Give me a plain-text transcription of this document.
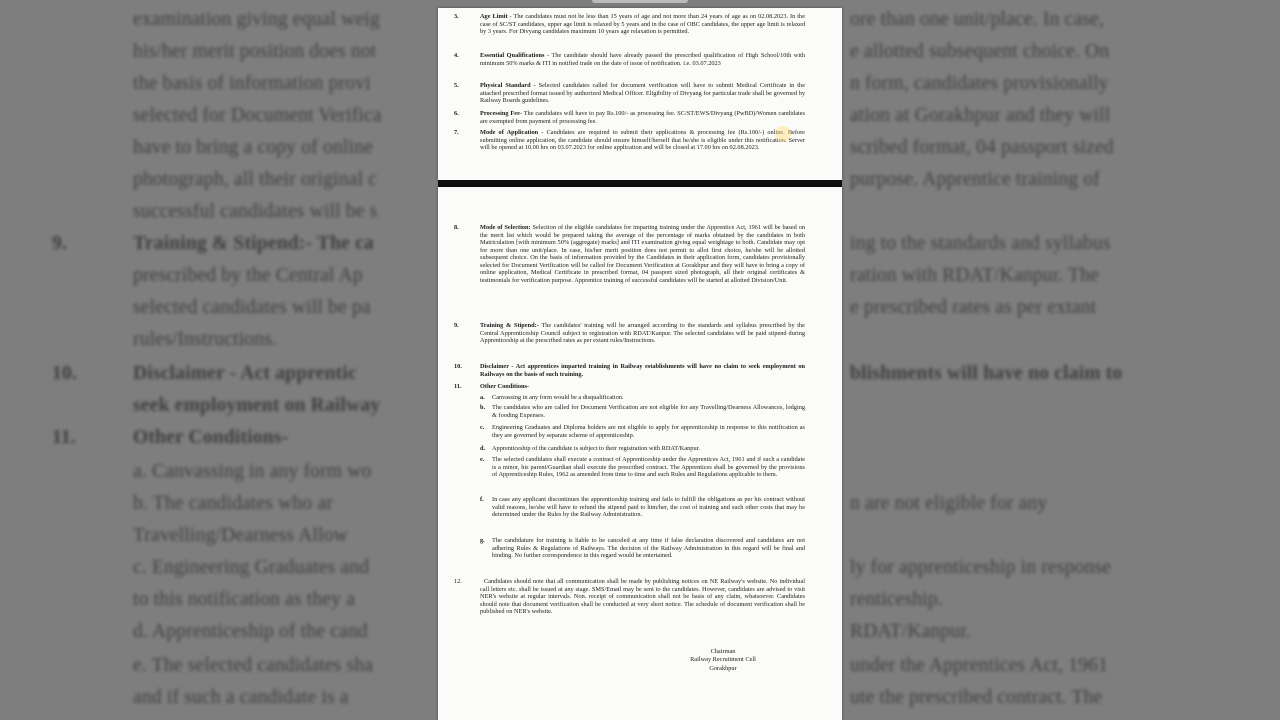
examination giving equal weig	ore than one unit/place. In case,
his/her merit position does not	e allotted subsequent choice. On
the basis of information provi	n form, candidates provisionally
selected for Document Verifica	ation at Gorakhpur and they will
have to bring a copy of online	scribed format, 04 passport sized
photograph, all their original c	purpose. Apprentice training of
successful candidates will be s
9.	Training & Stipend:- The ca	ing to the standards and syllabus
prescribed by the Central Ap	ration with RDAT/Kanpur. The
selected candidates will be pa	e prescribed rates as per extant
rules/Instructions.
10.	Disclaimer - Act apprentic	blishments will have no claim to
seek employment on Railway
11.	Other Conditions-
a. Canvassing in any form wo
b. The candidates who ar	n are not eligible for any
Travelling/Dearness Allow
c. Engineering Graduates and	ly for apprenticeship in response
to this notification as they a	renticeship.
d. Apprenticeship of the cand	RDAT/Kanpur.
e. The selected candidates sha	under the Apprentices Act, 1961
and if such a candidate is a	ute the prescribed contract. The
3.	Age Limit - The candidates must not be less than 15 years of age and not more than 24 years of age as on 02.08.2023. In the case of SC/ST candidates, upper age limit is relaxed by 5 years and in the case of OBC candidates, the upper age limit is relaxed by 3 years. For Divyang candidates maximum 10 years age relaxation is permitted.
4.	Essential Qualifications - The candidate should have already passed the prescribed qualification of High School/10th with minimum 50% marks & ITI in notified trade on the date of issue of notification. i.e. 03.07.2023
5.	Physical Standard - Selected candidates called for document verification will have to submit Medical Certificate in the attached prescribed format issued by authorized Medical Officer. Eligibility of Divyang for particular trade shall be governed by Railway Boards guidelines.
6.	Processing Fee- The candidates will have to pay Rs.100/- as processing fee. SC/ST/EWS/Divyang (PwBD)/Women candidates are exempted from payment of processing fee.
7.	Mode of Application - Candidates are required to submit their applications & processing fee (Rs.100/-) online. Before submitting online application, the candidate should ensure himself/herself that he/she is eligible under this notification. Server will be opened at 10.00 hrs on 03.07.2023 for online application and will be closed at 17.00 hrs on 02.08.2023.
8.	Mode of Selection: Selection of the eligible candidates for imparting training under the Apprentice Act, 1961 will be based on the merit list which would be prepared taking the average of the percentage of marks obtained by the candidates in both Matriculation [with minimum 50% (aggregate) marks] and ITI examination giving equal weightage to both. Candidate may opt for more than one unit/place. In case, his/her merit position does not permit to allot first choice, he/she will be allotted subsequent choice. On the basis of information provided by the Candidates in their application form, candidates provisionally selected for Document Verification will be called for Document Verification at Gorakhpur and they will have to bring a copy of online application, Medical Certificate in prescribed format, 04 passport sized photograph, all their original certificates & testimonials for verification purpose. Apprentice training of successful candidates will be started at allotted Division/Unit.
9.	Training & Stipend:- The candidates' training will be arranged according to the standards and syllabus prescribed by the Central Apprenticeship Council subject to registration with RDAT/Kanpur. The selected candidates will be paid stipend during Apprenticeship at the prescribed rates as per extant rules/Instructions.
10.	Disclaimer - Act apprentices imparted training in Railway establishments will have no claim to seek employment on Railways on the basis of such training.
11.	Other Conditions-
a. Canvassing in any form would be a disqualification.
b. The candidates who are called for Document Verification are not eligible for any Travelling/Dearness Allowances, lodging & fooding Expenses.
c. Engineering Graduates and Diploma holders are not eligible to apply for apprenticeship in response to this notification as they are governed by separate scheme of apprenticeship.
d. Apprenticeship of the candidate is subject to their registration with RDAT/Kanpur.
e. The selected candidates shall execute a contract of Apprenticeship under the Apprentices Act, 1961 and if such a candidate is a minor, his parent/Guardian shall execute the prescribed contract. The Apprentices shall be governed by the provisions of Apprenticeship Rules, 1962 as amended from time to time and such Rules and Regulations applicable to them.
f. In case any applicant discontinues the apprenticeship training and fails to fulfill the obligations as per his contract without valid reasons, he/she will have to refund the stipend paid to him/her, the cost of training and such other costs that may be determined under the Rules by the Railway Administration.
g. The candidature for training is liable to be canceled at any time if false declaration discovered and candidates are not adhering Rules & Regulations of Railways. The decision of the Railway Administration in this regard will be final and binding. No further correspondence in this regard would be entertained.
12.	Candidates should note that all communication shall be made by publishing notices on NE Railway's website. No individual call letters etc. shall be issued at any stage. SMS/Email may be sent to the candidates. However, candidates are advised to visit NER's website at regular intervals. Non. receipt of communication shall not be basis of any claim, whatsoever. Candidates should note that document verification shall be conducted at very short notice. The schedule of document verification shall be published on NER's website.
Chairman
Railway Recruitment Cell
Gorakhpur
